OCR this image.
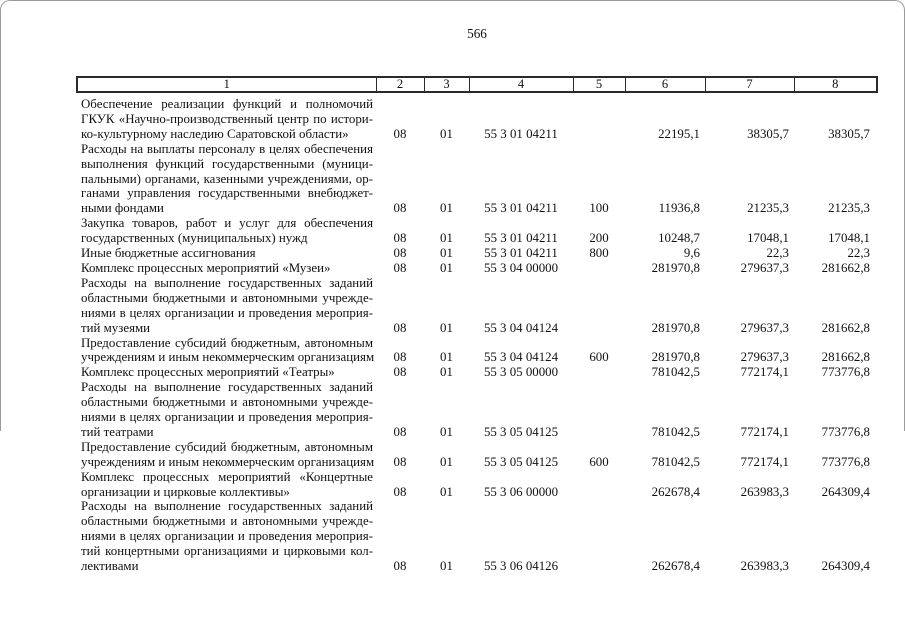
566
1	2	3	4	5	6	7	8

Обеспечение реализации функций и полномочий
ГКУК «Научно-производственный центр по истори-
ко-культурному наследию Саратовской области»	08	01	55 3 01 04211		22195,1	38305,7	38305,7

Расходы на выплаты персоналу в целях обеспечения
выполнения функций государственными (муници-
пальными) органами, казенными учреждениями, ор-
ганами управления государственными внебюджет-
ными фондами	08	01	55 3 01 04211	100	11936,8	21235,3	21235,3

Закупка товаров, работ и услуг для обеспечения
государственных (муниципальных) нужд	08	01	55 3 01 04211	200	10248,7	17048,1	17048,1

Иные бюджетные ассигнования	08	01	55 3 01 04211	800	9,6	22,3	22,3

Комплекс процессных мероприятий «Музеи»	08	01	55 3 04 00000		281970,8	279637,3	281662,8

Расходы на выполнение государственных заданий
областными бюджетными и автономными учрежде-
ниями в целях организации и проведения мероприя-
тий музеями	08	01	55 3 04 04124		281970,8	279637,3	281662,8

Предоставление субсидий бюджетным, автономным
учреждениям и иным некоммерческим организациям	08	01	55 3 04 04124	600	281970,8	279637,3	281662,8

Комплекс процессных мероприятий «Театры»	08	01	55 3 05 00000		781042,5	772174,1	773776,8

Расходы на выполнение государственных заданий
областными бюджетными и автономными учрежде-
ниями в целях организации и проведения мероприя-
тий театрами	08	01	55 3 05 04125		781042,5	772174,1	773776,8

Предоставление субсидий бюджетным, автономным
учреждениям и иным некоммерческим организациям	08	01	55 3 05 04125	600	781042,5	772174,1	773776,8

Комплекс процессных мероприятий «Концертные
организации и цирковые коллективы»	08	01	55 3 06 00000		262678,4	263983,3	264309,4

Расходы на выполнение государственных заданий
областными бюджетными и автономными учрежде-
ниями в целях организации и проведения мероприя-
тий концертными организациями и цирковыми кол-
лективами	08	01	55 3 06 04126		262678,4	263983,3	264309,4
